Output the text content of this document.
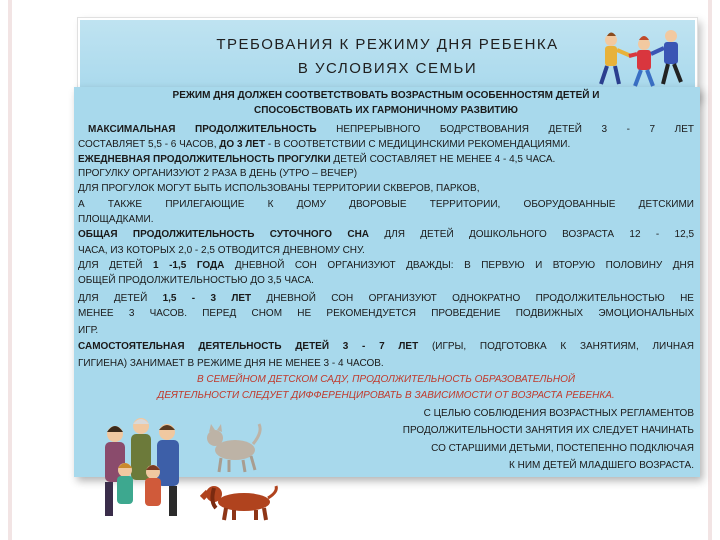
ТРЕБОВАНИЯ К РЕЖИМУ ДНЯ РЕБЕНКА
В УСЛОВИЯХ СЕМЬИ
РЕЖИМ ДНЯ ДОЛЖЕН СООТВЕТСТВОВАТЬ ВОЗРАСТНЫМ ОСОБЕННОСТЯМ ДЕТЕЙ И
СПОСОБСТВОВАТЬ ИХ ГАРМОНИЧНОМУ РАЗВИТИЮ
МАКСИМАЛЬНАЯ ПРОДОЛЖИТЕЛЬНОСТЬ НЕПРЕРЫВНОГО БОДРСТВОВАНИЯ ДЕТЕЙ 3 - 7 ЛЕТ
СОСТАВЛЯЕТ 5,5 - 6 ЧАСОВ, ДО 3 ЛЕТ - В СООТВЕТСТВИИ С МЕДИЦИНСКИМИ РЕКОМЕНДАЦИЯМИ.
ЕЖЕДНЕВНАЯ ПРОДОЛЖИТЕЛЬНОСТЬ ПРОГУЛКИ ДЕТЕЙ СОСТАВЛЯЕТ НЕ МЕНЕЕ 4 - 4,5 ЧАСА.
ПРОГУЛКУ ОРГАНИЗУЮТ 2 РАЗА В ДЕНЬ (УТРО – ВЕЧЕР)
ДЛЯ ПРОГУЛОК МОГУТ БЫТЬ ИСПОЛЬЗОВАНЫ ТЕРРИТОРИИ СКВЕРОВ, ПАРКОВ,
А ТАКЖЕ ПРИЛЕГАЮЩИЕ К ДОМУ ДВОРОВЫЕ ТЕРРИТОРИИ, ОБОРУДОВАННЫЕ ДЕТСКИМИ
ПЛОЩАДКАМИ.
ОБЩАЯ ПРОДОЛЖИТЕЛЬНОСТЬ СУТОЧНОГО СНА ДЛЯ ДЕТЕЙ ДОШКОЛЬНОГО ВОЗРАСТА 12 - 12,5
ЧАСА, ИЗ КОТОРЫХ 2,0 - 2,5 ОТВОДИТСЯ ДНЕВНОМУ СНУ.
ДЛЯ ДЕТЕЙ 1 -1,5 ГОДА ДНЕВНОЙ СОН ОРГАНИЗУЮТ ДВАЖДЫ: В ПЕРВУЮ И ВТОРУЮ ПОЛОВИНУ ДНЯ
ОБЩЕЙ ПРОДОЛЖИТЕЛЬНОСТЬЮ ДО 3,5 ЧАСА.
ДЛЯ ДЕТЕЙ 1,5 - 3 ЛЕТ ДНЕВНОЙ СОН ОРГАНИЗУЮТ ОДНОКРАТНО ПРОДОЛЖИТЕЛЬНОСТЬЮ НЕ
МЕНЕЕ 3 ЧАСОВ. ПЕРЕД СНОМ НЕ РЕКОМЕНДУЕТСЯ ПРОВЕДЕНИЕ ПОДВИЖНЫХ ЭМОЦИОНАЛЬНЫХ
ИГР.
САМОСТОЯТЕЛЬНАЯ ДЕЯТЕЛЬНОСТЬ ДЕТЕЙ 3 - 7 ЛЕТ (ИГРЫ, ПОДГОТОВКА К ЗАНЯТИЯМ, ЛИЧНАЯ
ГИГИЕНА) ЗАНИМАЕТ В РЕЖИМЕ ДНЯ НЕ МЕНЕЕ 3 - 4 ЧАСОВ.
В СЕМЕЙНОМ ДЕТСКОМ САДУ, ПРОДОЛЖИТЕЛЬНОСТЬ ОБРАЗОВАТЕЛЬНОЙ
ДЕЯТЕЛЬНОСТИ СЛЕДУЕТ ДИФФЕРЕНЦИРОВАТЬ В ЗАВИСИМОСТИ ОТ ВОЗРАСТА РЕБЕНКА.
С ЦЕЛЬЮ СОБЛЮДЕНИЯ ВОЗРАСТНЫХ РЕГЛАМЕНТОВ
ПРОДОЛЖИТЕЛЬНОСТИ ЗАНЯТИЯ ИХ СЛЕДУЕТ НАЧИНАТЬ
СО СТАРШИМИ ДЕТЬМИ, ПОСТЕПЕННО ПОДКЛЮЧАЯ
К НИМ ДЕТЕЙ МЛАДШЕГО ВОЗРАСТА.
